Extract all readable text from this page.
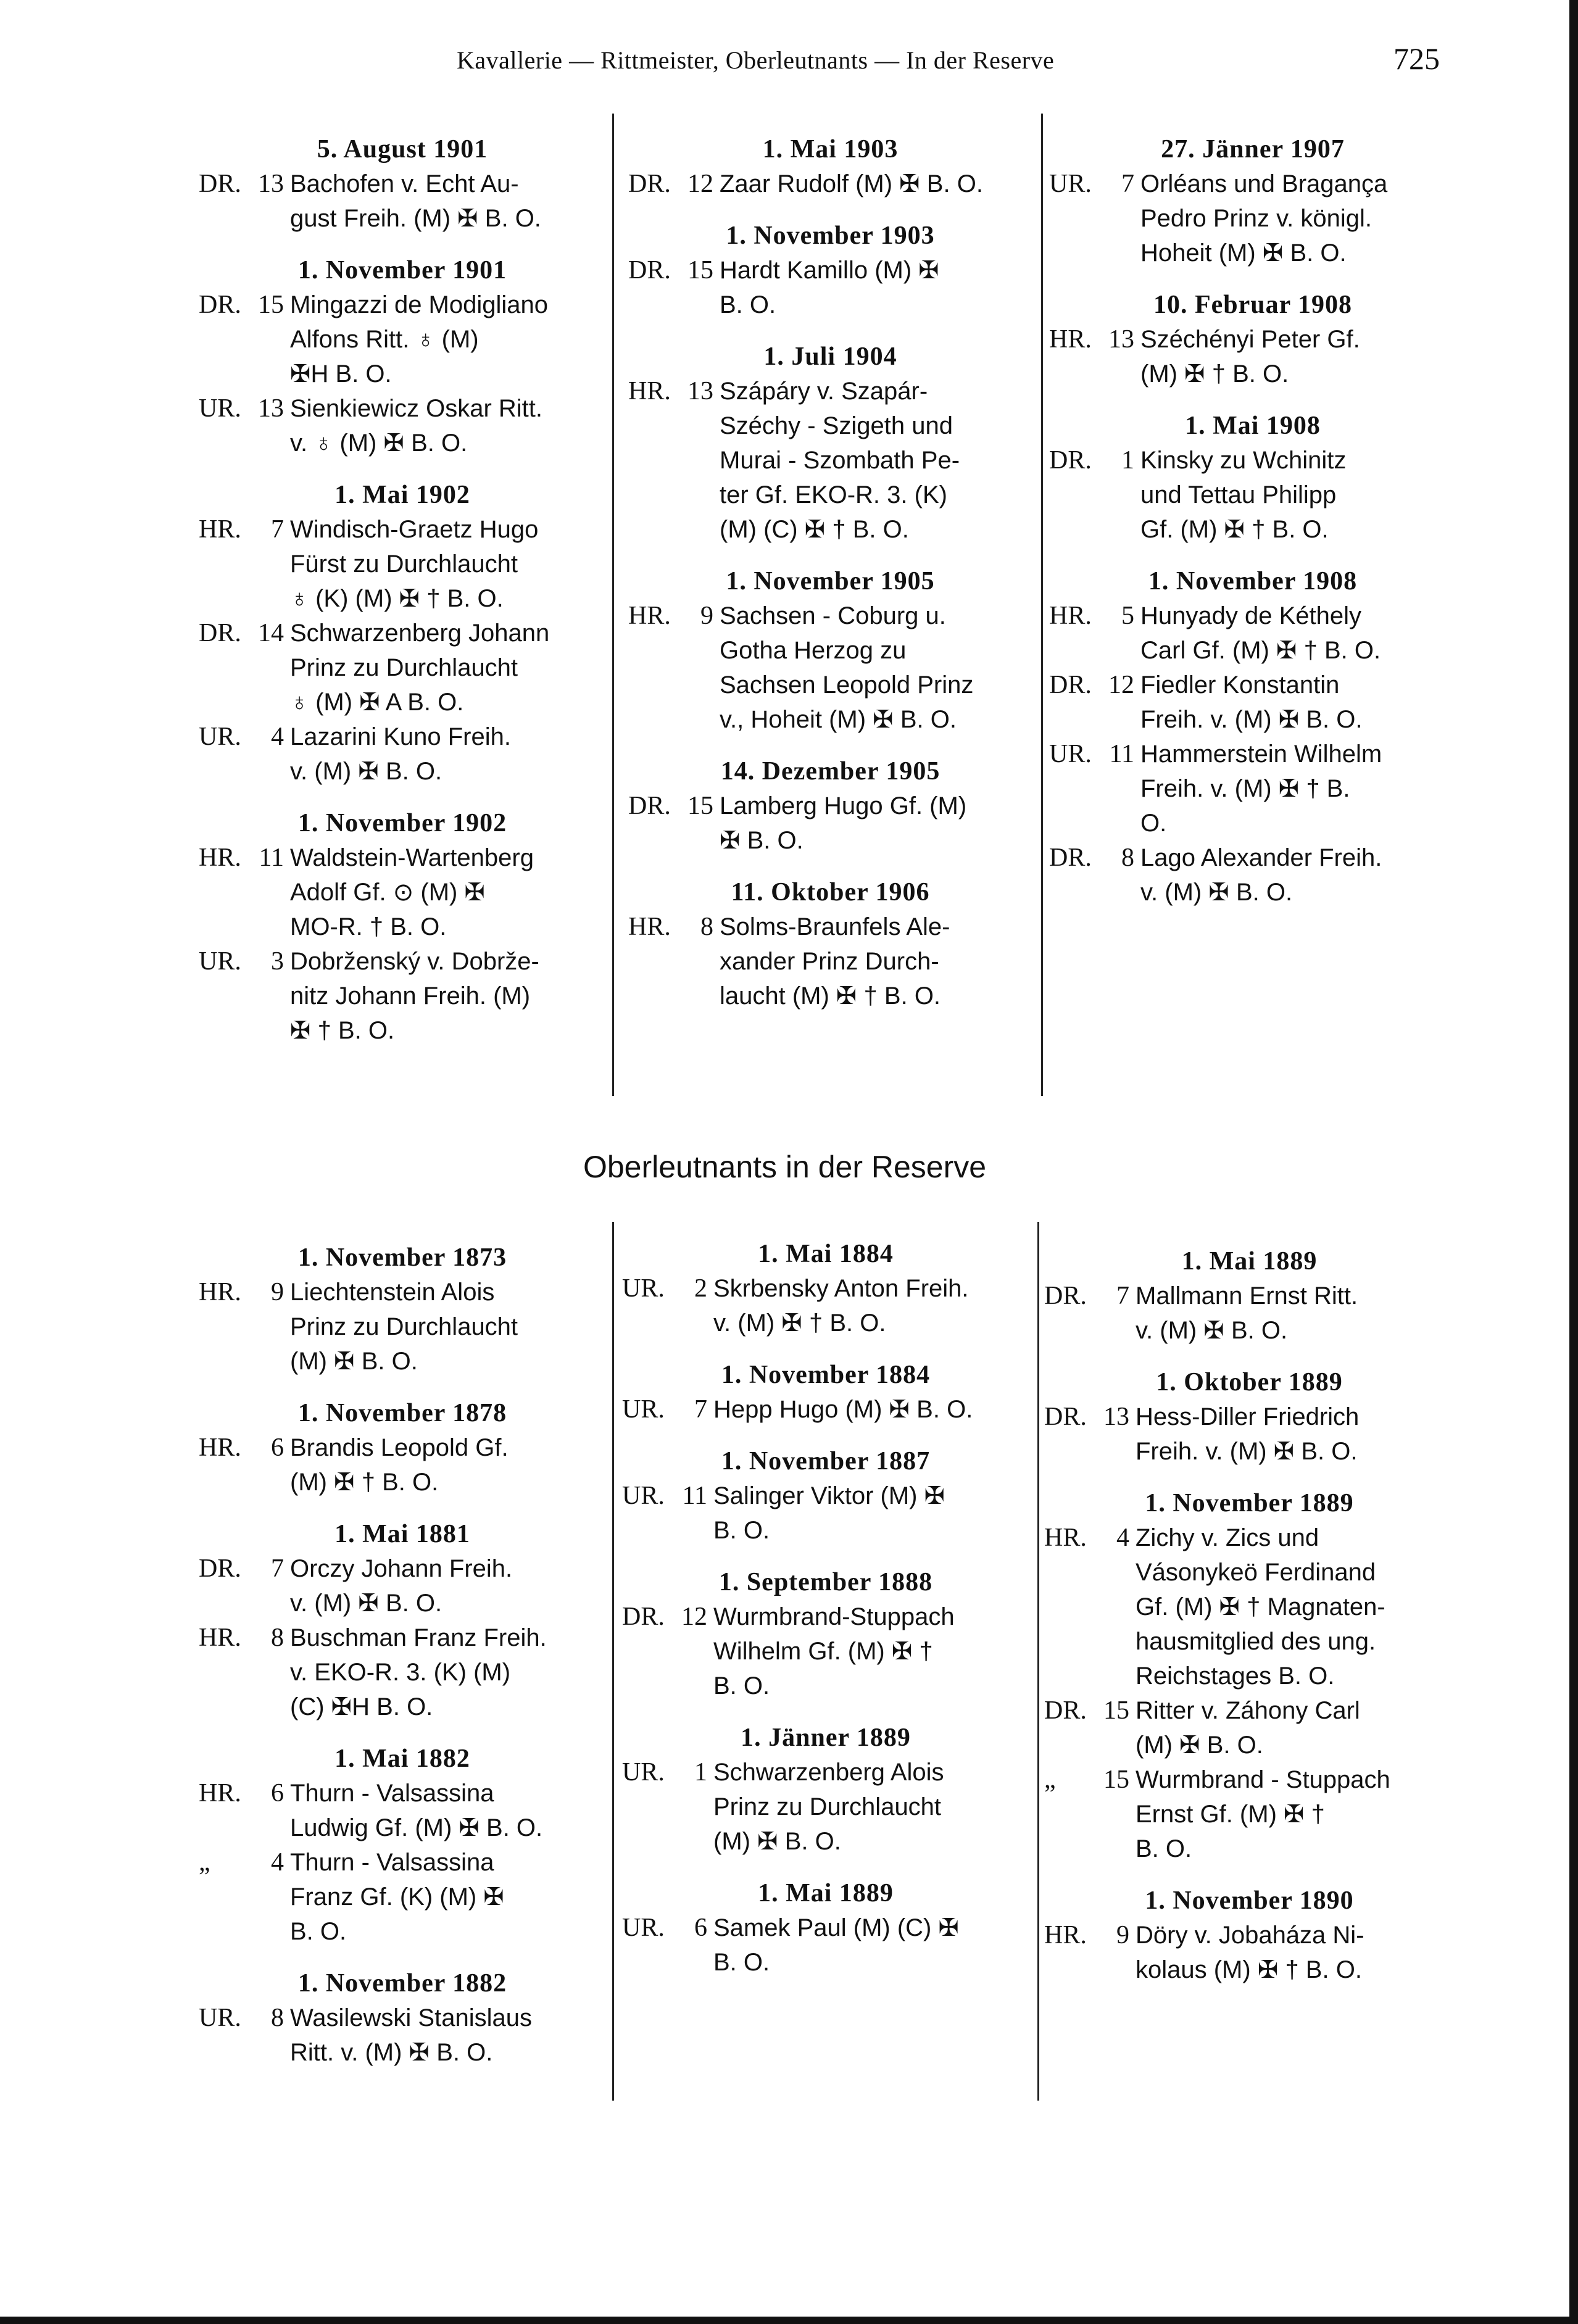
Kavallerie — Rittmeister, Oberleutnants — In der Reserve	725
5. August 1901
DR. 13 Bachofen v. Echt Au-
gust Freih. (M) ✠ B. O.
1. November 1901
DR. 15 Mingazzi de Modigliano
Alfons Ritt. ♁ (M)
✠H B. O.
UR. 13 Sienkiewicz Oskar Ritt.
v. ♁ (M) ✠ B. O.
1. Mai 1902
HR.	7 Windisch-Graetz Hugo
Fürst zu Durchlaucht
♁ (K) (M) ✠ † B. O.
DR. 14 Schwarzenberg Johann
Prinz zu Durchlaucht
♁ (M) ✠ A B. O.
UR.	4 Lazarini Kuno Freih.
v. (M) ✠ B. O.
1. November 1902
HR. 11 Waldstein-Wartenberg
Adolf Gf. ⊙ (M) ✠
MO-R. † B. O.
UR.	3 Dobrženský v. Dobrže-
nitz Johann Freih. (M)
✠ † B. O.
1. Mai 1903
DR. 12 Zaar Rudolf (M) ✠ B. O.
1. November 1903
DR. 15 Hardt Kamillo (M) ✠
B. O.
1. Juli 1904
HR. 13 Szápáry v. Szapár-
Széchy - Szigeth und
Murai - Szombath Pe-
ter Gf. EKO-R. 3. (K)
(M) (C) ✠ † B. O.
1. November 1905
HR.	9 Sachsen - Coburg u.
Gotha Herzog zu
Sachsen Leopold Prinz
v., Hoheit (M) ✠ B. O.
14. Dezember 1905
DR. 15 Lamberg Hugo Gf. (M)
✠ B. O.
11. Oktober 1906
HR.	8 Solms-Braunfels Ale-
xander Prinz Durch-
laucht (M) ✠ † B. O.
27. Jänner 1907
UR.	7 Orléans und Bragança
Pedro Prinz v. königl.
Hoheit (M) ✠ B. O.
10. Februar 1908
HR. 13 Széchényi Peter Gf.
(M) ✠ † B. O.
1. Mai 1908
DR.	1 Kinsky zu Wchinitz
und Tettau Philipp
Gf. (M) ✠ † B. O.
1. November 1908
HR.	5 Hunyady de Kéthely
Carl Gf. (M) ✠ † B. O.
DR. 12 Fiedler Konstantin
Freih. v. (M) ✠ B. O.
UR. 11 Hammerstein Wilhelm
Freih. v. (M) ✠ † B.
O.
DR.	8 Lago Alexander Freih.
v. (M) ✠ B. O.
Oberleutnants in der Reserve
1. November 1873
HR.	9 Liechtenstein Alois
Prinz zu Durchlaucht
(M) ✠ B. O.
1. November 1878
HR.	6 Brandis Leopold Gf.
(M) ✠ † B. O.
1. Mai 1881
DR.	7 Orczy Johann Freih.
v. (M) ✠ B. O.
HR.	8 Buschman Franz Freih.
v. EKO-R. 3. (K) (M)
(C) ✠H B. O.
1. Mai 1882
HR.	6 Thurn - Valsassina
Ludwig Gf. (M) ✠ B. O.
„	4 Thurn - Valsassina
Franz Gf. (K) (M) ✠
B. O.
1. November 1882
UR.	8 Wasilewski Stanislaus
Ritt. v. (M) ✠ B. O.
1. Mai 1884
UR.	2 Skrbensky Anton Freih.
v. (M) ✠ † B. O.
1. November 1884
UR.	7 Hepp Hugo (M) ✠ B. O.
1. November 1887
UR. 11 Salinger Viktor (M) ✠
B. O.
1. September 1888
DR. 12 Wurmbrand-Stuppach
Wilhelm Gf. (M) ✠ †
B. O.
1. Jänner 1889
UR.	1 Schwarzenberg Alois
Prinz zu Durchlaucht
(M) ✠ B. O.
1. Mai 1889
UR.	6 Samek Paul (M) (C) ✠
B. O.
1. Mai 1889
DR.	7 Mallmann Ernst Ritt.
v. (M) ✠ B. O.
1. Oktober 1889
DR. 13 Hess-Diller Friedrich
Freih. v. (M) ✠ B. O.
1. November 1889
HR.	4 Zichy v. Zics und
Vásonykeö Ferdinand
Gf. (M) ✠ † Magnaten-
hausmitglied des ung.
Reichstages B. O.
DR. 15 Ritter v. Záhony Carl
(M) ✠ B. O.
„	15 Wurmbrand - Stuppach
Ernst Gf. (M) ✠ †
B. O.
1. November 1890
HR.	9 Döry v. Jobaháza Ni-
kolaus (M) ✠ † B. O.
